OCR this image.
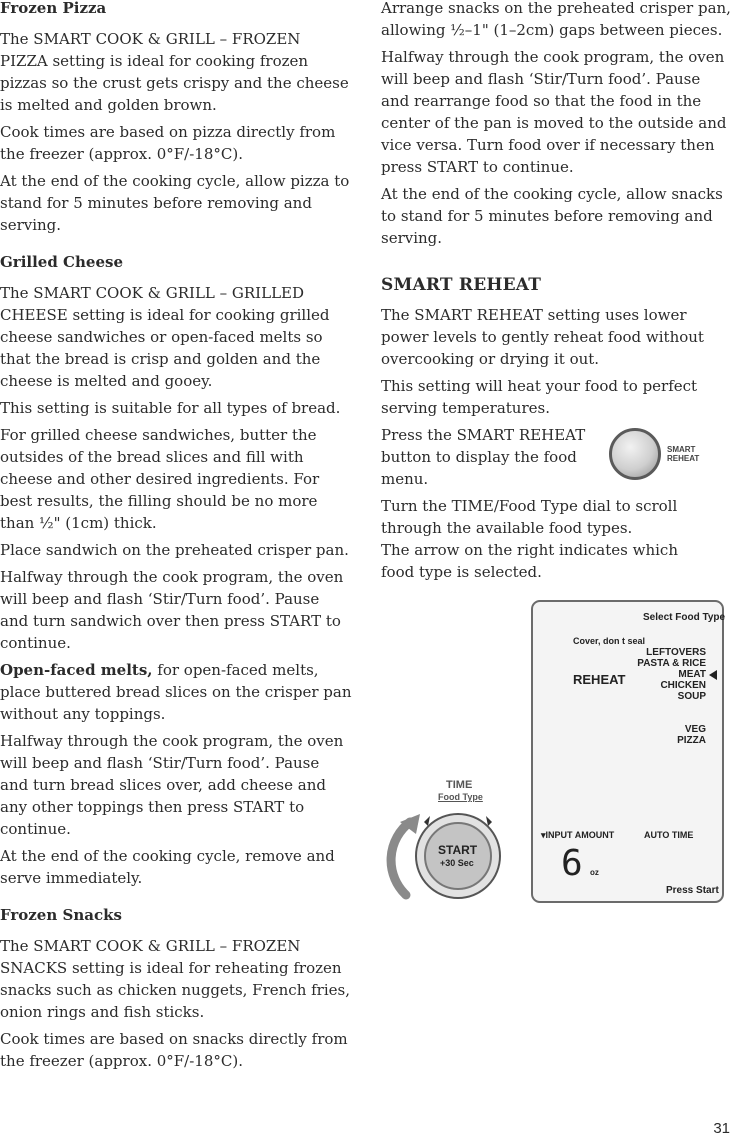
Frozen Pizza

The SMART COOK & GRILL – FROZEN PIZZA setting is ideal for cooking frozen pizzas so the crust gets crispy and the cheese is melted and golden brown.

Cook times are based on pizza directly from the freezer (approx. 0°F/-18°C).

At the end of the cooking cycle, allow pizza to stand for 5 minutes before removing and serving.

Grilled Cheese

The SMART COOK & GRILL – GRILLED CHEESE setting is ideal for cooking grilled cheese sandwiches or open-faced melts so that the bread is crisp and golden and the cheese is melted and gooey.

This setting is suitable for all types of bread.

For grilled cheese sandwiches, butter the outsides of the bread slices and fill with cheese and other desired ingredients. For best results, the filling should be no more than ½" (1cm) thick.

Place sandwich on the preheated crisper pan.

Halfway through the cook program, the oven will beep and flash ‘Stir/Turn food’. Pause and turn sandwich over then press START to continue.

Open-faced melts, for open-faced melts, place buttered bread slices on the crisper pan without any toppings.

Halfway through the cook program, the oven will beep and flash ‘Stir/Turn food’. Pause and turn bread slices over, add cheese and any other toppings then press START to continue.

At the end of the cooking cycle, remove and serve immediately.

Frozen Snacks

The SMART COOK & GRILL – FROZEN SNACKS setting is ideal for reheating frozen snacks such as chicken nuggets, French fries, onion rings and fish sticks.

Cook times are based on snacks directly from the freezer (approx. 0°F/-18°C).

Arrange snacks on the preheated crisper pan, allowing ½–1" (1–2cm) gaps between pieces.

Halfway through the cook program, the oven will beep and flash ‘Stir/Turn food’. Pause and rearrange food so that the food in the center of the pan is moved to the outside and vice versa. Turn food over if necessary then press START to continue.

At the end of the cooking cycle, allow snacks to stand for 5 minutes before removing and serving.

SMART REHEAT

The SMART REHEAT setting uses lower power levels to gently reheat food without overcooking or drying it out.

This setting will heat your food to perfect serving temperatures.

Press the SMART REHEAT button to display the food menu.

Turn the TIME/Food Type dial to scroll through the available food types.

The arrow on the right indicates which food type is selected.

SMART
REHEAT
TIME
Food Type
START
+30 Sec
Select Food Type
Cover, don t seal
REHEAT
LEFTOVERS
PASTA & RICE
MEAT
CHICKEN
SOUP
VEG
PIZZA
▾INPUT AMOUNT	AUTO TIME
6 oz
Press Start
31
